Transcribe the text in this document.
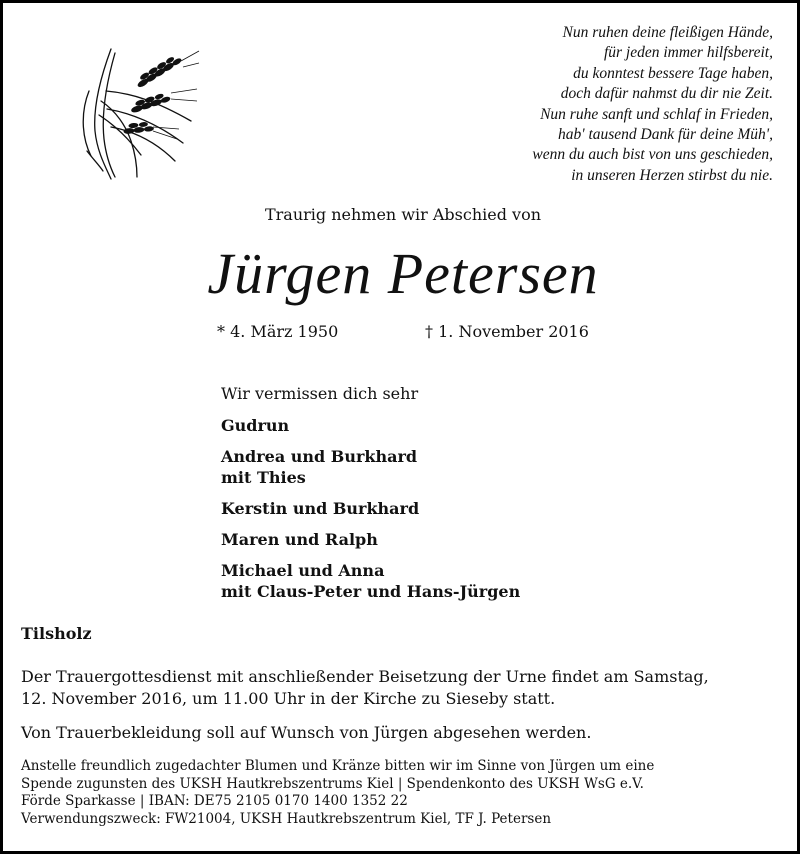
Nun ruhen deine fleißigen Hände,
für jeden immer hilfsbereit,
du konntest bessere Tage haben,
doch dafür nahmst du dir nie Zeit.
Nun ruhe sanft und schlaf in Frieden,
hab' tausend Dank für deine Müh',
wenn du auch bist von uns geschieden,
in unseren Herzen stirbst du nie.
Traurig nehmen wir Abschied von
Jürgen Petersen
* 4. März 1950	† 1. November 2016
Wir vermissen dich sehr
Gudrun
Andrea und Burkhard
mit Thies
Kerstin und Burkhard
Maren und Ralph
Michael und Anna
mit Claus-Peter und Hans-Jürgen
Tilsholz
Der Trauergottesdienst mit anschließender Beisetzung der Urne findet am Samstag,
12. November 2016, um 11.00 Uhr in der Kirche zu Sieseby statt.
Von Trauerbekleidung soll auf Wunsch von Jürgen abgesehen werden.
Anstelle freundlich zugedachter Blumen und Kränze bitten wir im Sinne von Jürgen um eine
Spende zugunsten des UKSH Hautkrebszentrums Kiel | Spendenkonto des UKSH WsG e.V.
Förde Sparkasse | IBAN: DE75 2105 0170 1400 1352 22
Verwendungszweck: FW21004, UKSH Hautkrebszentrum Kiel, TF J. Petersen
